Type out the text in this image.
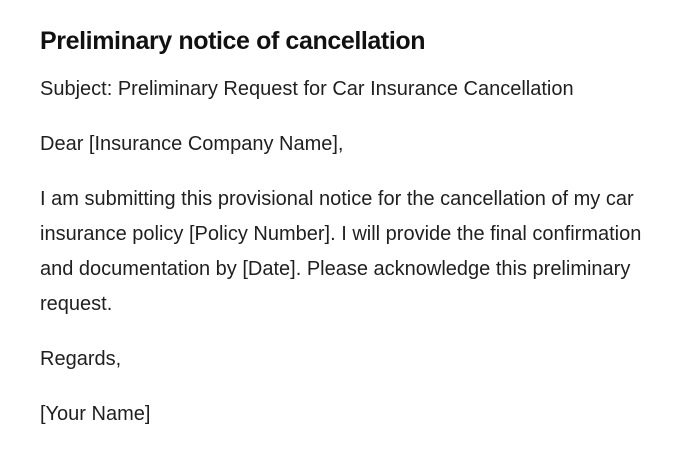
Preliminary notice of cancellation

Subject: Preliminary Request for Car Insurance Cancellation

Dear [Insurance Company Name],

I am submitting this provisional notice for the cancellation of my car insurance policy [Policy Number]. I will provide the final confirmation and documentation by [Date]. Please acknowledge this preliminary request.

Regards,

[Your Name]
